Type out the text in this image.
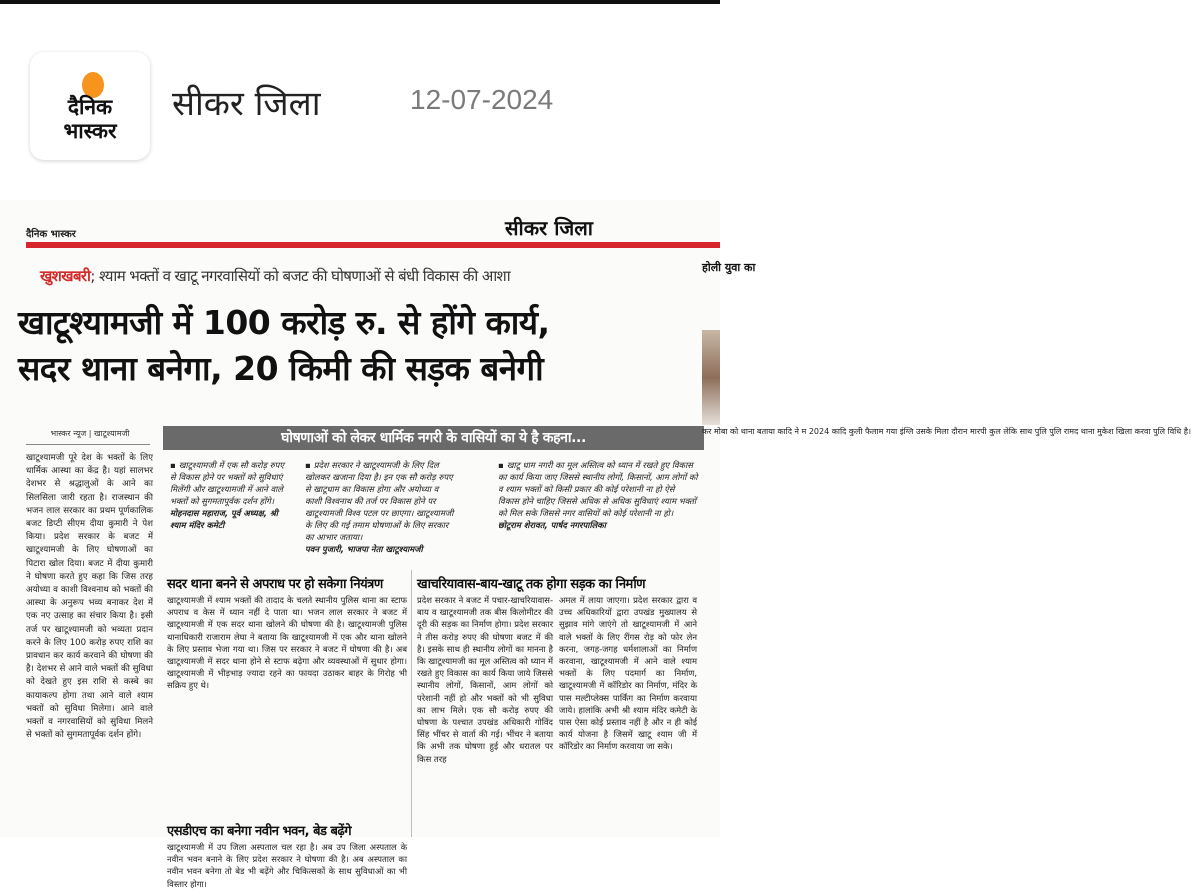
दैनिक
भास्कर
सीकर जिला	12-07-2024
दैनिक भास्कर	सीकर जिला
खुशखबरी; श्याम भक्तों व खाटू नगरवासियों को बजट की घोषणाओं से बंधी विकास की आशा
खाटूश्यामजी में 100 करोड़ रु. से होंगे कार्य,
सदर थाना बनेगा, 20 किमी की सड़क बनेगी
भास्कर न्यूज | खाटूश्यामजी
खाटूश्यामजी पूरे देश के भक्तों के लिए धार्मिक आस्था का केंद्र है। यहां सालभर देशभर से श्रद्धालुओं के आने का सिलसिला जारी रहता है। राजस्थान की भजन लाल सरकार का प्रथम पूर्णकालिक बजट डिप्टी सीएम दीया कुमारी ने पेश किया। प्रदेश सरकार के बजट में खाटूश्यामजी के लिए घोषणाओं का पिटारा खोल दिया। बजट में दीया कुमारी ने घोषणा करते हुए कहा कि जिस तरह अयोध्या व काशी विश्वनाथ को भक्तों की आस्था के अनुरूप भव्य बनाकर देश में एक नए उत्साह का संचार किया है। इसी तर्ज पर खाटूश्यामजी को भव्यता प्रदान करने के लिए 100 करोड़ रुपए राशि का प्रावधान कर कार्य करवाने की घोषणा की है। देशभर से आने वाले भक्तों की सुविधा को देखते हुए इस राशि से कस्बे का कायाकल्प होगा तथा आने वाले श्याम भक्तों को सुविधा मिलेगा। आने वाले भक्तों व नगरवासियों को सुविधा मिलने से भक्तों को सुगमतापूर्वक दर्शन होंगे।
घोषणाओं को लेकर धार्मिक नगरी के वासियों का ये है कहना...
▪ खाटूश्यामजी में एक सौ करोड़ रुपए से विकास होने पर भक्तों को सुविधाएं मिलेंगी और खाटूश्यामजी में आने वाले भक्तों को सुगमतापूर्वक दर्शन होंगे।
मोहनदास महाराज, पूर्व अध्यक्ष, श्री श्याम मंदिर कमेटी
▪ प्रदेश सरकार ने खाटूश्यामजी के लिए दिल खोलकर खजाना दिया है। इन एक सौ करोड़ रुपए से खाटूधाम का विकास होगा और अयोध्या व काशी विश्वनाथ की तर्ज पर विकास होने पर खाटूश्यामजी विश्व पटल पर छाएगा। खाटूश्यामजी के लिए की गई तमाम घोषणाओं के लिए सरकार का आभार जताया।
पवन पुजारी, भाजपा नेता खाटूश्यामजी
▪ खाटू धाम नगरी का मूल अस्तित्व को ध्यान में रखते हुए विकास का कार्य किया जाए जिससे स्थानीय लोगों, किसानों, आम लोगों को व श्याम भक्तों को किसी प्रकार की कोई परेशानी ना हो ऐसे विकास होने चाहिए जिससे अधिक से अधिक सुविधाएं श्याम भक्तों को मिल सके जिससे नगर वासियों को कोई परेशानी ना हो।
छोटूराम शेरावत, पार्षद नगरपालिका
सदर थाना बनने से अपराध पर हो सकेगा नियंत्रण
खाटूश्यामजी में श्याम भक्तों की तादाद के चलते स्थानीय पुलिस थाना का स्टाफ अपराध व केस में ध्यान नहीं दे पाता था। भजन लाल सरकार ने बजट में खाटूश्यामजी में एक सदर थाना खोलने की घोषणा की है। खाटूश्यामजी पुलिस थानाधिकारी राजाराम लेघा ने बताया कि खाटूश्यामजी में एक और थाना खोलने के लिए प्रस्ताव भेजा गया था। जिस पर सरकार ने बजट में घोषणा की है। अब खाटूश्यामजी में सदर थाना होने से स्टाफ बढ़ेगा और व्यवस्थाओं में सुधार होगा। खाटूश्यामजी में भीड़भाड़ ज्यादा रहने का फायदा उठाकर बाहर के गिरोह भी सक्रिय हुए थे।
एसडीएच का बनेगा नवीन भवन, बेड बढ़ेंगे
खाटूश्यामजी में उप जिला अस्पताल चल रहा है। अब उप जिला अस्पताल के नवीन भवन बनाने के लिए प्रदेश सरकार ने घोषणा की है। अब अस्पताल का नवीन भवन बनेगा तो बेड भी बढ़ेंगे और चिकित्सकों के साथ सुविधाओं का भी विस्तार होगा।
खाचरियावास-बाय-खाटू तक होगा सड़क का निर्माण
प्रदेश सरकार ने बजट में पचार-खाचरियावास-बाय व खाटूश्यामजी तक बीस किलोमीटर की दूरी की सड़क का निर्माण होगा। प्रदेश सरकार ने तीस करोड़ रुपए की घोषणा बजट में की है। इसके साथ ही स्थानीय लोगों का मानना है कि खाटूश्यामजी का मूल अस्तित्व को ध्यान में रखते हुए विकास का कार्य किया जाये जिससे स्थानीय लोगों, किसानों, आम लोगों को परेशानी नहीं हो और भक्तों को भी सुविधा का लाभ मिले। एक सौ करोड़ रुपए की घोषणा के पश्चात उपखंड अधिकारी गोविंद सिंह भींचर से वार्ता की गई। भींचर ने बताया कि अभी तक घोषणा हुई और धरातल पर किस तरह
अमल में लाया जाएगा। प्रदेश सरकार द्वारा व उच्च अधिकारियों द्वारा उपखंड मुख्यालय से सुझाव मांगे जाएंगे तो खाटूश्यामजी में आने वाले भक्तों के लिए रींगस रोड़ को फोर लेन करना, जगह-जगह धर्मशालाओं का निर्माण करवाना, खाटूश्यामजी में आने वाले श्याम भक्तों के लिए पदमार्ग का निर्माण, खाटूश्यामजी में कॉरिडोर का निर्माण, मंदिर के पास मल्टीप्लेक्स पार्किंग का निर्माण करवाया जाये। हालांकि अभी श्री श्याम मंदिर कमेटी के पास ऐसा कोई प्रस्ताव नहीं है और न ही कोई कार्य योजना है जिसमें खाटू श्याम जी में कॉरिडोर का निर्माण करवाया जा सके।
होली युवा का
कर मोबा को थाना बताया कादि ने म 2024 कादि कुली फैलाम गया इंग्लि उसके मिला दौरान मारपी कुल लेकि साथ पुलि पुलि रामद थाना मुकेश खिला करवा पुलि विधि है।
